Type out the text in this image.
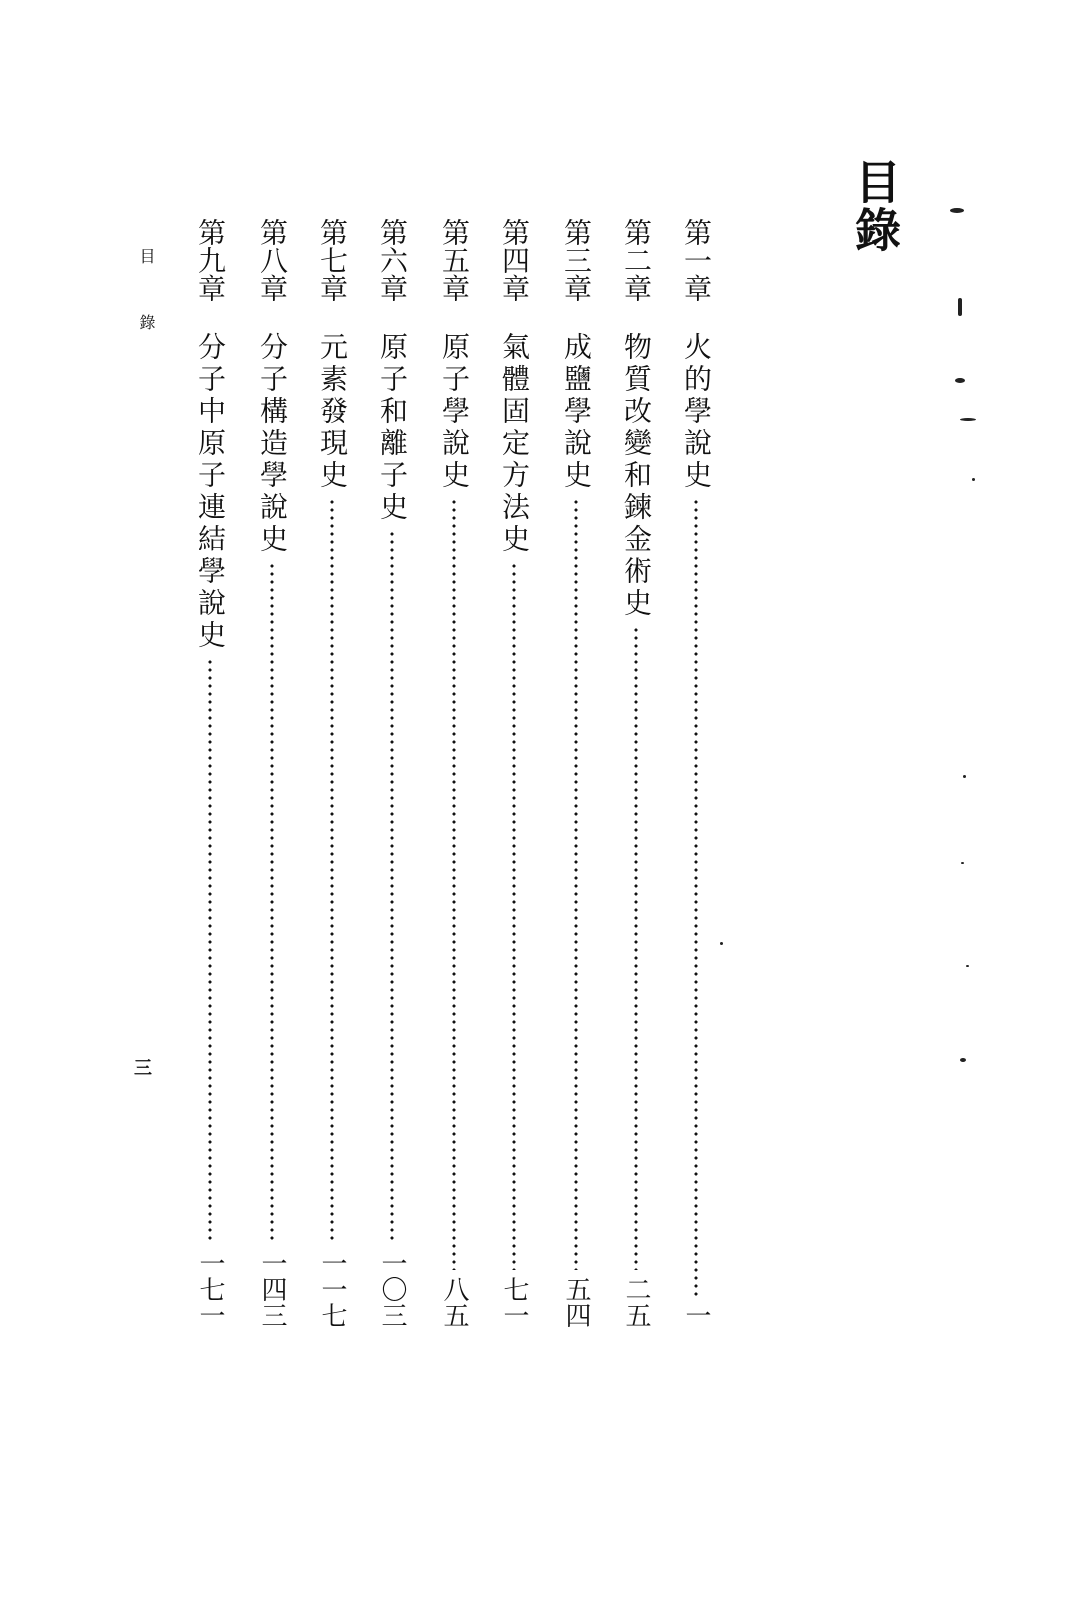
目錄
第一章
火的學說史
一
第二章
物質改變和鍊金術史
二五
第三章
成鹽學說史
五四
第四章
氣體固定方法史
七一
第五章
原子學說史
八五
第六章
原子和離子史
一〇三
第七章
元素發現史
一一七
第八章
分子構造學說史
一四三
第九章
分子中原子連結學說史
一七一
目錄
三
